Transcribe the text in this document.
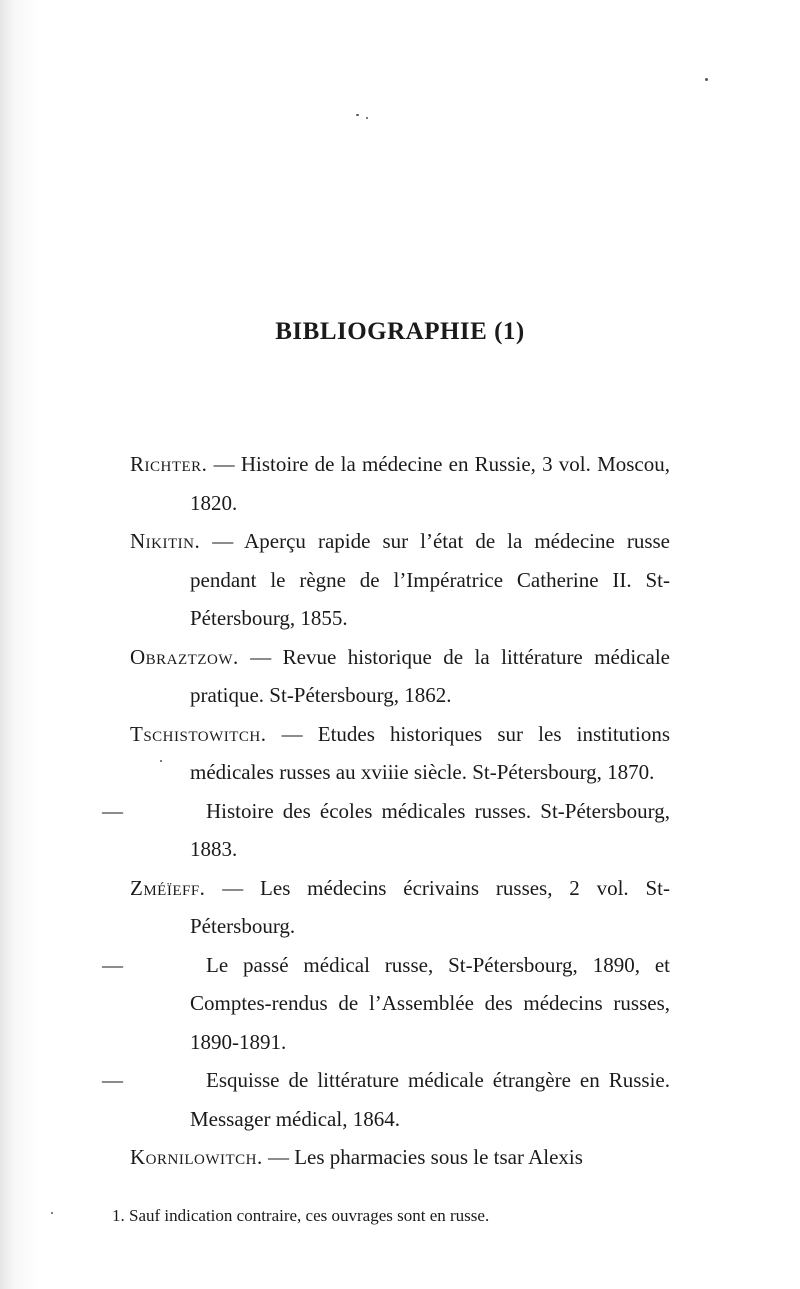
BIBLIOGRAPHIE (1)
Richter. — Histoire de la médecine en Russie, 3 vol. Moscou, 1820.
Nikitin. — Aperçu rapide sur l’état de la médecine russe pendant le règne de l’Impératrice Catherine II. St-Pétersbourg, 1855.
Obraztzow. — Revue historique de la littérature médicale pratique. St-Pétersbourg, 1862.
Tschistowitch. — Etudes historiques sur les institutions médicales russes au xviiie siècle. St-Pétersbourg, 1870.
—	Histoire des écoles médicales russes. St-Pétersbourg, 1883.
Zméïeff. — Les médecins écrivains russes, 2 vol. St-Pétersbourg.
—	Le passé médical russe, St-Pétersbourg, 1890, et Comptes-rendus de l’Assemblée des médecins russes, 1890-1891.
—	Esquisse de littérature médicale étrangère en Russie. Messager médical, 1864.
Kornilowitch. — Les pharmacies sous le tsar Alexis

1. Sauf indication contraire, ces ouvrages sont en russe.
